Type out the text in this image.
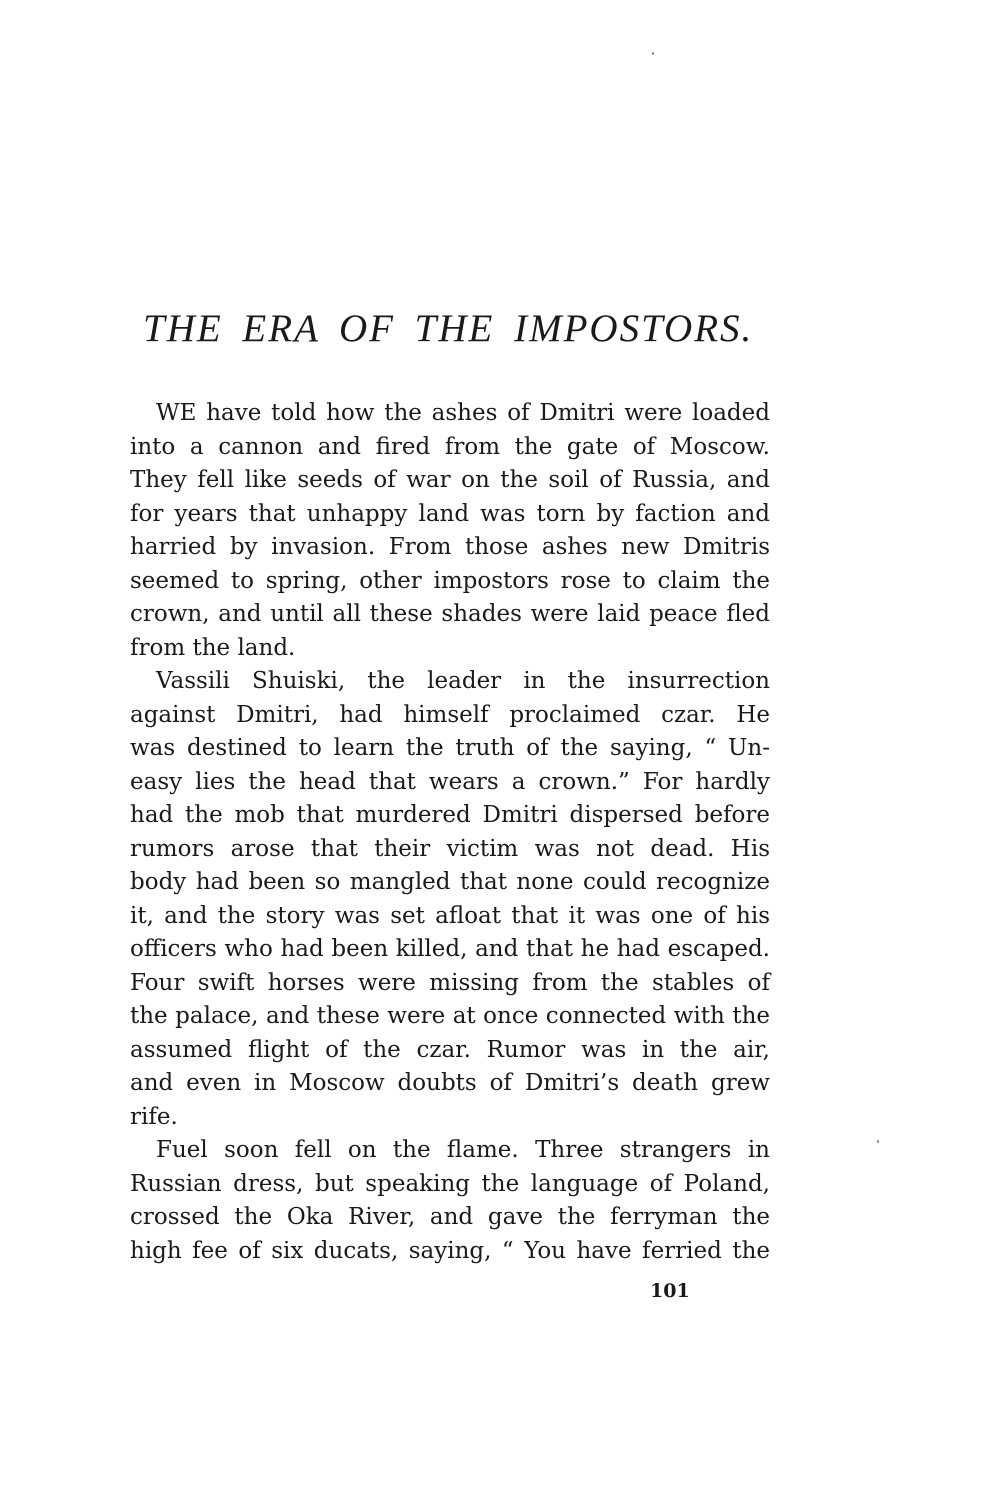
THE ERA OF THE IMPOSTORS.
WE have told how the ashes of Dmitri were loaded
into a cannon and fired from the gate of Moscow.
They fell like seeds of war on the soil of Russia, and
for years that unhappy land was torn by faction and
harried by invasion. From those ashes new Dmitris
seemed to spring, other impostors rose to claim the
crown, and until all these shades were laid peace fled
from the land.
Vassili Shuiski, the leader in the insurrection
against Dmitri, had himself proclaimed czar. He
was destined to learn the truth of the saying, “ Un-
easy lies the head that wears a crown.” For hardly
had the mob that murdered Dmitri dispersed before
rumors arose that their victim was not dead. His
body had been so mangled that none could recognize
it, and the story was set afloat that it was one of his
officers who had been killed, and that he had escaped.
Four swift horses were missing from the stables of
the palace, and these were at once connected with the
assumed flight of the czar. Rumor was in the air,
and even in Moscow doubts of Dmitri’s death grew
rife.
Fuel soon fell on the flame. Three strangers in
Russian dress, but speaking the language of Poland,
crossed the Oka River, and gave the ferryman the
high fee of six ducats, saying, “ You have ferried the
101
